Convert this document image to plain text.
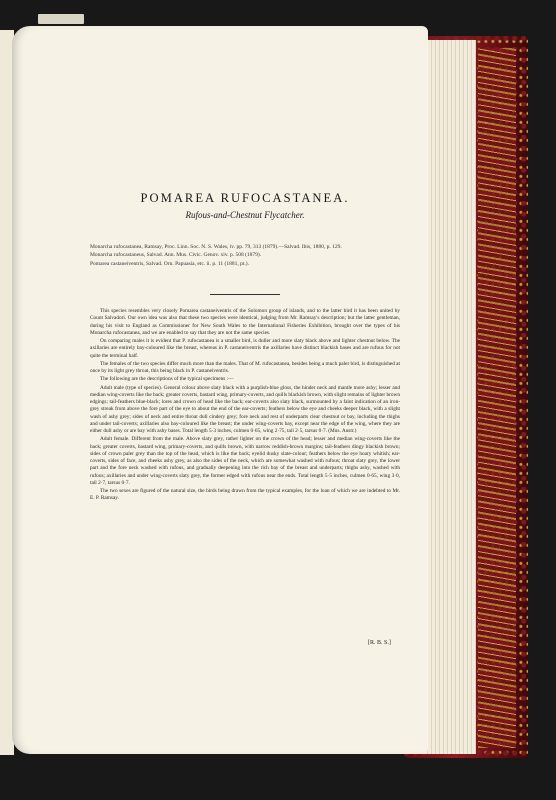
POMAREA RUFOCASTANEA.
Rufous-and-Chestnut Flycatcher.

Monarcha rufocastanea, Ramsay, Proc. Linn. Soc. N. S. Wales, iv. pp. 79, 313 (1879).—Salvad. Ibis, 1880, p. 129.

Monarcha rufocastaneus, Salvad. Ann. Mus. Civic. Genov. xiv. p. 508 (1879).

Pomarea castaneiventris, Salvad. Orn. Papuasia, etc. ii. p. 11 (1881, pt.).

This species resembles very closely Pomarea castaneiventris of the Solomon group of islands, and to the latter bird it has been united by Count Salvadori. Our own idea was also that these two species were identical, judging from Mr. Ramsay's description; but the latter gentleman, during his visit to England as Commissioner for New South Wales to the International Fisheries Exhibition, brought over the types of his Monarcha rufocastanea, and we are enabled to say that they are not the same species.

On comparing males it is evident that P. rufocastanea is a smaller bird, is duller and more slaty black above and lighter chestnut below. The axillaries are entirely bay-coloured like the breast, whereas in P. castaneiventris the axillaries have distinct blackish bases and are rufous for not quite the terminal half.

The females of the two species differ much more than the males. That of M. rufocastanea, besides being a much paler bird, is distinguished at once by its light grey throat, this being black in P. castaneiventris.

The following are the descriptions of the typical specimens :—

Adult male (type of species). General colour above slaty black with a purplish-blue gloss, the hinder neck and mantle more ashy; lesser and median wing-coverts like the back; greater coverts, bastard wing, primary-coverts, and quills blackish brown, with slight remains of lighter brown edgings; tail-feathers blue-black; lores and crown of head like the back; ear-coverts also slaty black, surmounted by a faint indication of an iron-grey streak from above the fore part of the eye to about the end of the ear-coverts; feathers below the eye and cheeks deeper black, with a slight wash of ashy grey; sides of neck and entire throat dull cindery grey; fore neck and rest of underparts clear chestnut or bay, including the thighs and under tail-coverts; axillaries also bay-coloured like the breast; the under wing-coverts bay, except near the edge of the wing, where they are either dull ashy or are bay with ashy bases. Total length 5·3 inches, culmen 0·65, wing 2·75, tail 2·5, tarsus 0·7. (Mus. Austr.)

Adult female. Different from the male. Above slaty grey, rather lighter on the crown of the head; lesser and median wing-coverts like the back; greater coverts, bastard wing, primary-coverts, and quills brown, with narrow reddish-brown margins; tail-feathers dingy blackish brown; sides of crown paler grey than the top of the head, which is like the back; eyelid dusky slate-colour; feathers below the eye hoary whitish; ear-coverts, sides of face, and cheeks ashy grey, as also the sides of the neck, which are somewhat washed with rufous; throat slaty grey, the lower part and the fore neck washed with rufous, and gradually deepening into the rich bay of the breast and underparts; thighs ashy, washed with rufous; axillaries and under wing-coverts slaty grey, the former edged with rufous near the ends. Total length 5·5 inches, culmen 0·65, wing 3·0, tail 2·7, tarsus 0·7.

The two sexes are figured of the natural size, the birds being drawn from the typical examples, for the loan of which we are indebted to Mr. E. P. Ramsay.

[R. B. S.]
